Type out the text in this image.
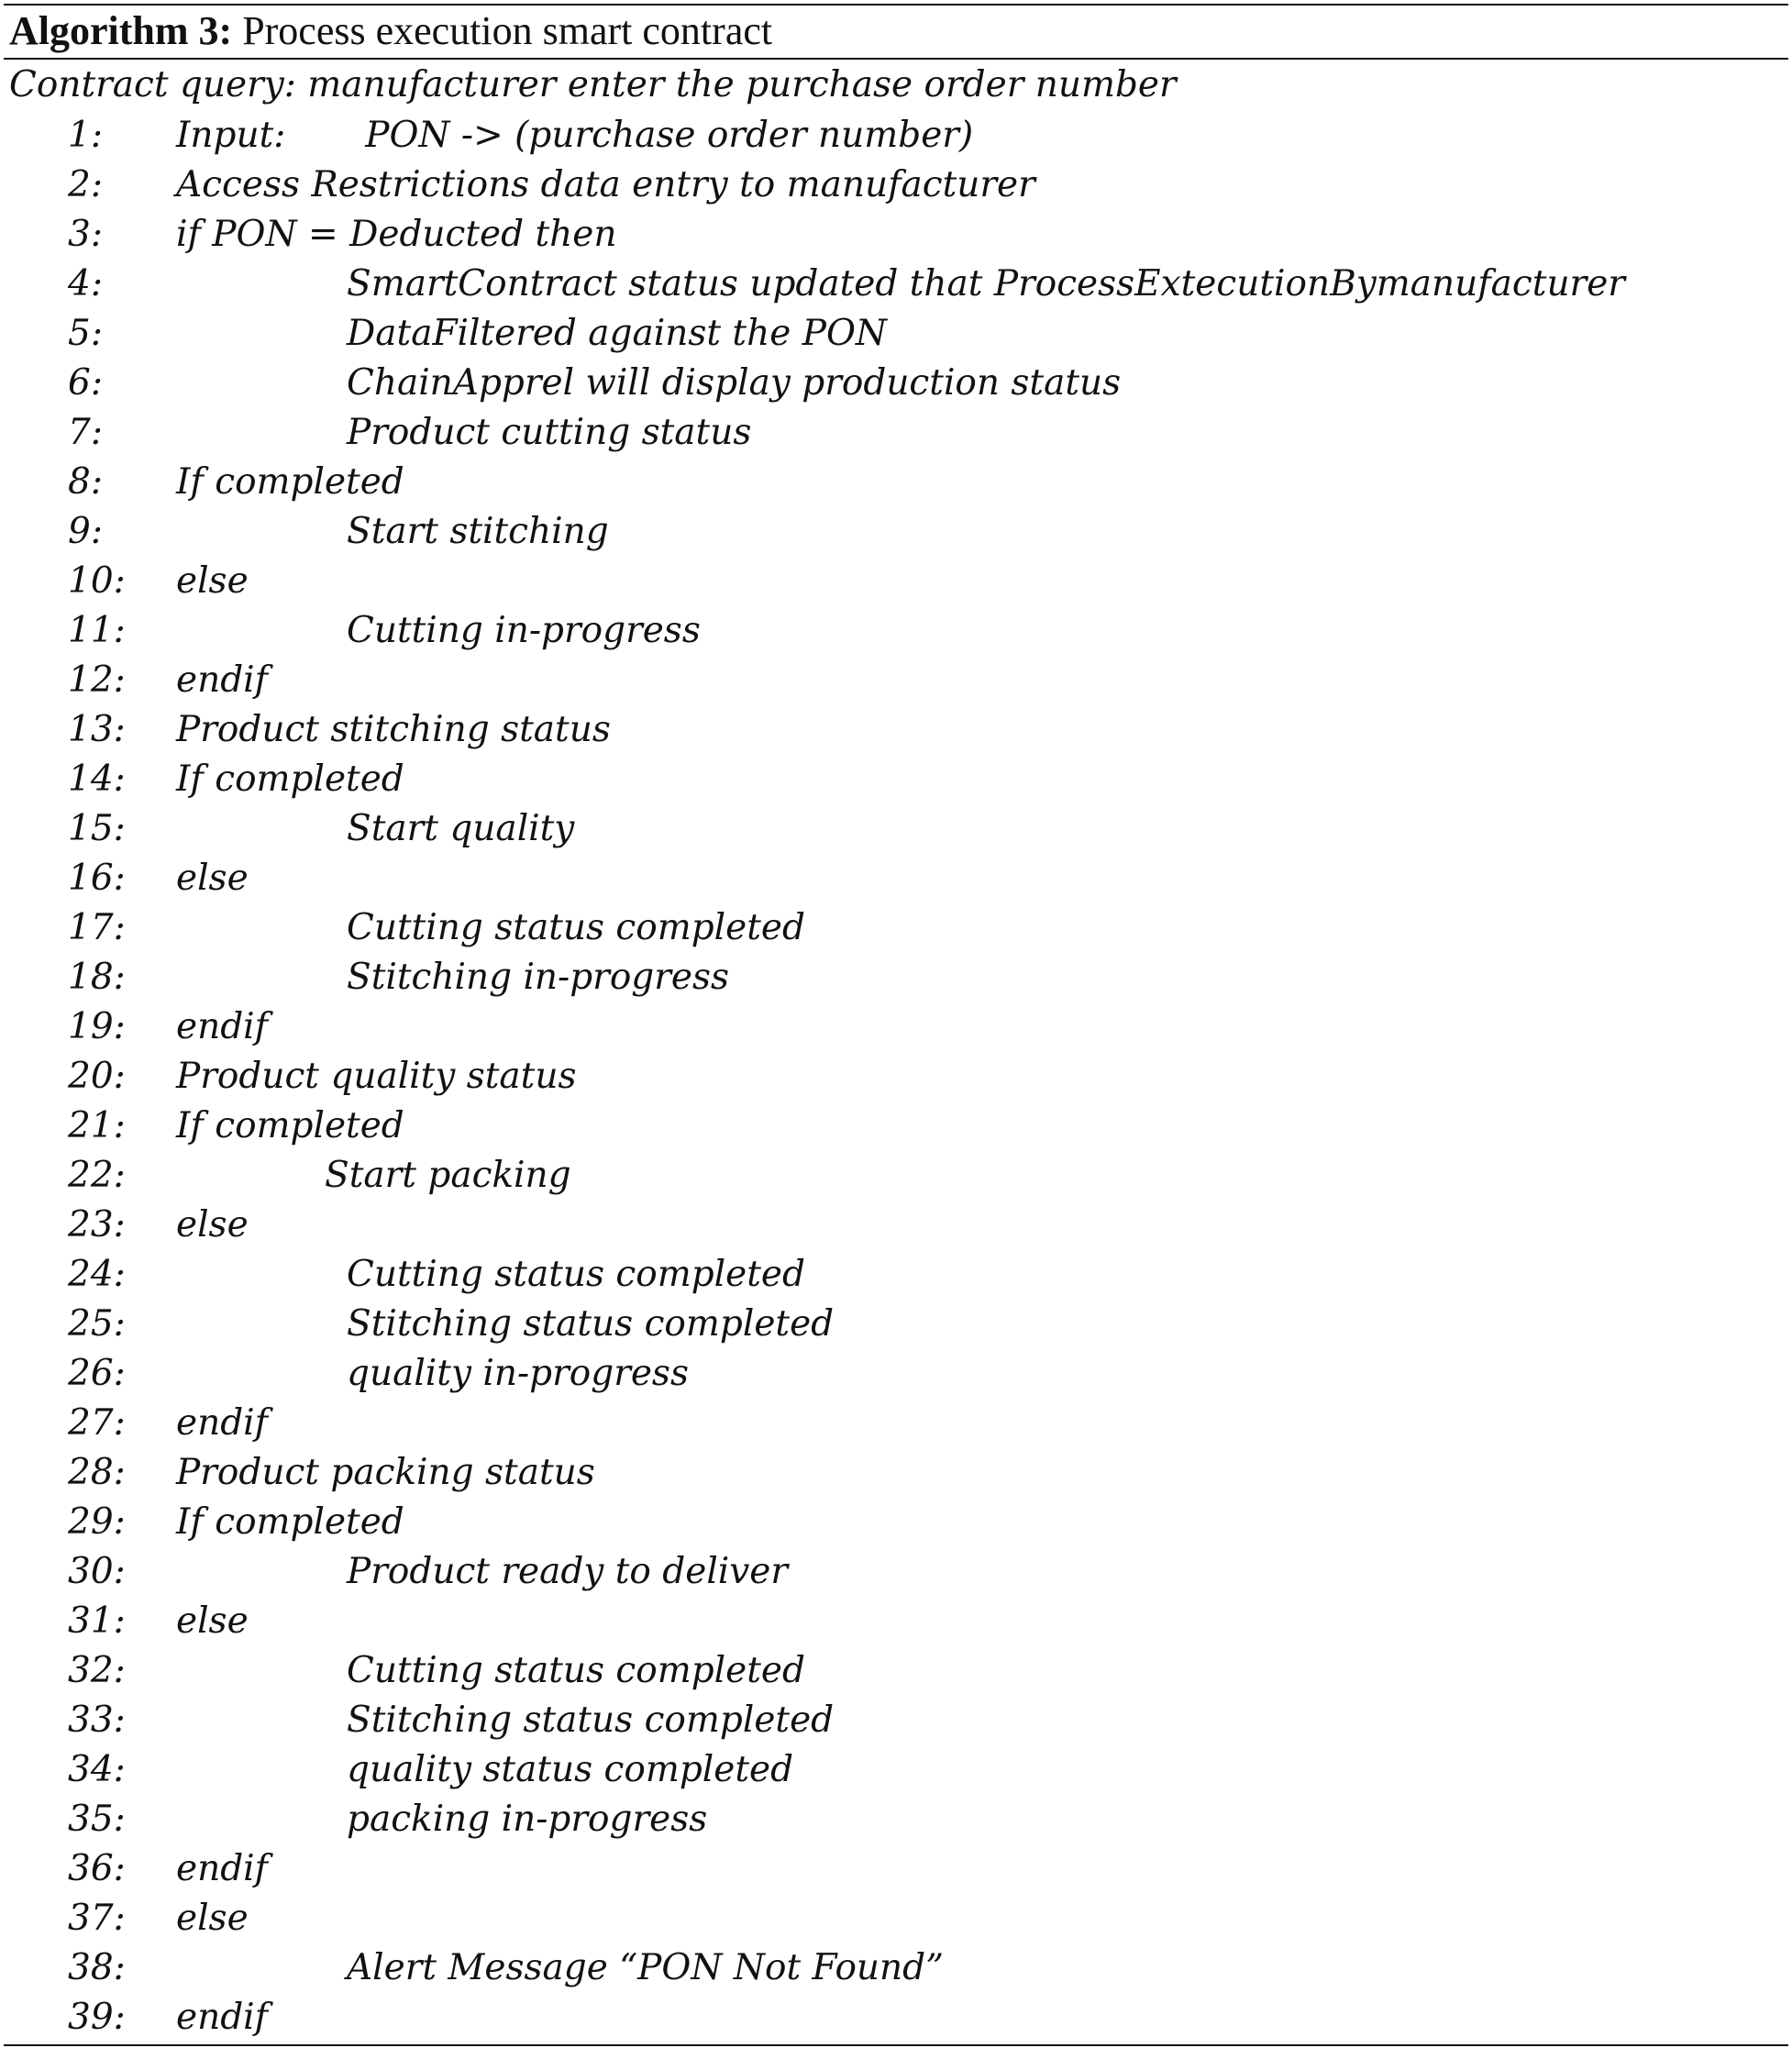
Algorithm 3: Process execution smart contract
Contract query: manufacturer enter the purchase order number
1: Input:       PON -> (purchase order number)
2: Access Restrictions data entry to manufacturer
3: if PON = Deducted then
4:	SmartContract status updated that ProcessExtecutionBymanufacturer
5:	DataFiltered against the PON
6:	ChainApprel will display production status
7:	Product cutting status
8: If completed
9:	Start stitching
10: else
11:	Cutting in-progress
12: endif
13: Product stitching status
14: If completed
15:	Start quality
16: else
17:	Cutting status completed
18:	Stitching in-progress
19: endif
20: Product quality status
21: If completed
22:	Start packing
23: else
24:	Cutting status completed
25:	Stitching status completed
26:	quality in-progress
27: endif
28: Product packing status
29: If completed
30:	Product ready to deliver
31: else
32:	Cutting status completed
33:	Stitching status completed
34:	quality status completed
35:	packing in-progress
36: endif
37: else
38:	Alert Message “PON Not Found”
39: endif
